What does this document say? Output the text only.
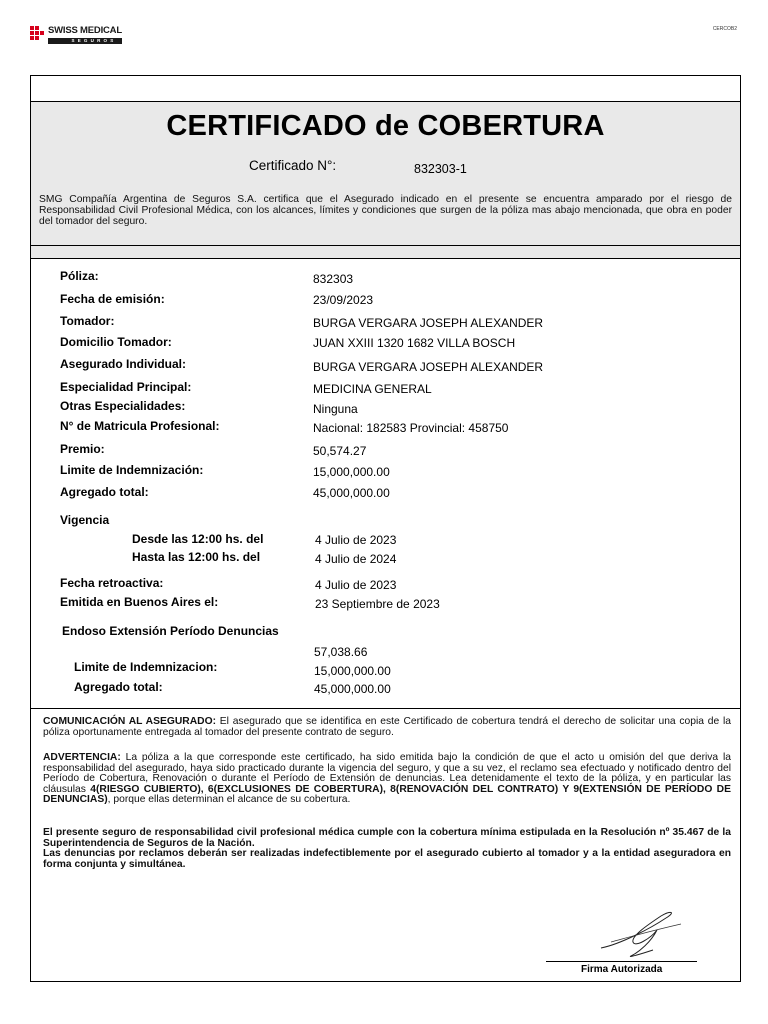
SWISS MEDICAL
SEGUROS
CERCOB2
CERTIFICADO de COBERTURA
Certificado N°:	832303-1
SMG Compañía Argentina de Seguros S.A. certifica que el Asegurado indicado en el presente se encuentra amparado por el riesgo de Responsabilidad Civil Profesional Médica, con los alcances, límites y condiciones que surgen de la póliza mas abajo mencionada, que obra en poder del tomador del seguro.
Póliza:	832303
Fecha de emisión:	23/09/2023
Tomador:	BURGA VERGARA JOSEPH ALEXANDER
Domicilio Tomador:	JUAN XXIII 1320 1682 VILLA BOSCH
Asegurado Individual:	BURGA VERGARA JOSEPH ALEXANDER
Especialidad Principal:	MEDICINA GENERAL
Otras Especialidades:	Ninguna
N° de Matricula Profesional:	Nacional: 182583 Provincial: 458750
Premio:	50,574.27
Limite de Indemnización:	15,000,000.00
Agregado total:	45,000,000.00
Vigencia
Desde las 12:00 hs. del	4 Julio de 2023
Hasta las 12:00 hs. del	4 Julio de 2024
Fecha retroactiva:	4 Julio de 2023
Emitida en Buenos Aires el:	23 Septiembre de 2023
Endoso Extensión Período Denuncias
57,038.66
Limite de Indemnizacion:	15,000,000.00
Agregado total:	45,000,000.00
COMUNICACIÓN AL ASEGURADO: El asegurado que se identifica en este Certificado de cobertura tendrá el derecho de solicitar una copia de la póliza oportunamente entregada al tomador del presente contrato de seguro.
ADVERTENCIA: La póliza a la que corresponde este certificado, ha sido emitida bajo la condición de que el acto u omisión del que deriva la responsabilidad del asegurado, haya sido practicado durante la vigencia del seguro, y que a su vez, el reclamo sea efectuado y notificado dentro del Período de Cobertura, Renovación o durante el Período de Extensión de denuncias. Lea detenidamente el texto de la póliza, y en particular las cláusulas 4(RIESGO CUBIERTO), 6(EXCLUSIONES DE COBERTURA), 8(RENOVACIÓN DEL CONTRATO) Y 9(EXTENSIÓN DE PERÍODO DE DENUNCIAS), porque ellas determinan el alcance de su cobertura.
El presente seguro de responsabilidad civil profesional médica cumple con la cobertura mínima estipulada en la Resolución nº 35.467 de la Superintendencia de Seguros de la Nación.
Las denuncias por reclamos deberán ser realizadas indefectiblemente por el asegurado cubierto al tomador y a la entidad aseguradora en forma conjunta y simultánea.
Firma Autorizada
